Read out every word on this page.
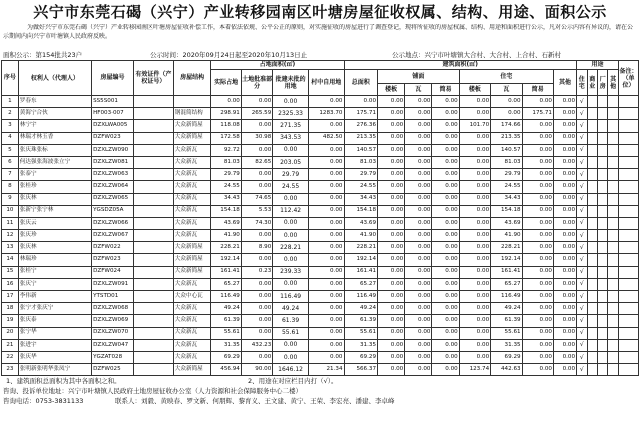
兴宁市东莞石碣（兴宁）产业转移园南区叶塘房屋征收权属、结构、用途、面积公示
为做好兴宁市东莞石碣（兴宁）产业转移园南区叶塘房屋征收补偿工作，本着依法依规、公平公正的原则，对实施征收的房屋进行了调查登记，现将所征收的房屋权属、结构、用途和面积进行公示，凡对公示内容有异议的，请在公示期间内向兴宁市叶塘镇人民政府反映。
面积公示：第154批共23户	公示时间：2020年09月24日起至2020年10月13日止	公示地点：兴宁市叶塘镇大合村、大合村、上合村、石新村
序号	权利人（代理人）	房屋编号	有效证件（产权证号）	房屋结构	占地面积(㎡)				建筑面积(㎡)								用途				备注：（单位）
					实际占地	土地批准部分	批建未批的用地	村中自用地	总面积	铺面			住宅			其他	住宅	商业	厂房	其他	
										楼板	瓦	简易	楼板	瓦	简易						
1	罗春东	SS5S001			0.00	0.00	0.00	0.00	0.00	0.00	0.00	0.00	0.00	0.00	0.00	0.00	√				
2	黄海宁合伙	HF003·007		钢混简结构	298.91	265.59	2325.33	1283.70	175.71	0.00	0.00	0.00	0.00	0.00	175.71	0.00	√				
3	林宁宇	DZXLWA005		大众新简屋	118.08	0.00	271.35	0.00	276.36	0.00	0.00	0.00	101.70	174.66	0.00	0.00	√				
4	林瑞才林玉香	DZFW023		大众新简屋	172.58	30.98	343.53	482.50	213.35	0.00	0.00	0.00	0.00	213.35	0.00	0.00	√				
5	张庆珠张标	DZXLZW090		大众新瓦	92.72	0.00	0.00	0.00	140.57	0.00	0.00	0.00	0.00	140.57	0.00	0.00	√				
6	何达强张海波张立宁	DZXLZW081		大众新瓦	81.03	82.65	203.05	0.00	81.03	0.00	0.00	0.00	0.00	81.03	0.00	0.00	√				
7	张泰宁	DZXLZW063		大众新瓦	29.79	0.00	29.79	0.00	29.79	0.00	0.00	0.00	0.00	29.79	0.00	0.00	√				
8	张桂珍	DZXLZW064		大众新瓦	24.55	0.00	24.55	0.00	24.55	0.00	0.00	0.00	0.00	24.55	0.00	0.00	√				
9	张庆林	DZXLZW065		大众新瓦	34.43	74.65	0.00	0.00	34.43	0.00	0.00	0.00	0.00	34.43	0.00	0.00	√				
10	张新宁张宁林	YGSDZ05A		大众新瓦	154.18	5.53	112.42	0.00	154.18	0.00	0.00	0.00	0.00	154.18	0.00	0.00	√				
11	张庆云	DZXLZW066		大众新瓦	43.69	74.30	0.00	0.00	43.69	0.00	0.00	0.00	0.00	43.69	0.00	0.00	√				
12	张庆珍	DZXLZW067		大众新瓦	41.90	0.00	0.00	0.00	41.90	0.00	0.00	0.00	0.00	41.90	0.00	0.00	√				
13	张庆林	DZFW022		大众新简屋	228.21	8.90	228.21	0.00	228.21	0.00	0.00	0.00	0.00	228.21	0.00	0.00	√				
14	林瑞珍	DZFW023		大众新简屋	192.14	0.00	0.00	0.00	192.14	0.00	0.00	0.00	0.00	192.14	0.00	0.00	√				
15	张桂宁	DZFW024		大众新简屋	161.41	0.23	239.33	0.00	161.41	0.00	0.00	0.00	0.00	161.41	0.00	0.00	√				
16	张庆宁	DZXLZW091		大众新瓦	65.27	0.00	0.00	0.00	65.27	0.00	0.00	0.00	0.00	65.27	0.00	0.00	√				
17	李伟新	YTSTD01		大众中心瓦	116.49	0.00	116.49	0.00	116.49	0.00	0.00	0.00	0.00	116.49	0.00	0.00	√				
18	张宁才张庆宁	DZXLZW068		大众新瓦	49.24	0.00	49.24	0.00	49.24	0.00	0.00	0.00	0.00	49.24	0.00	0.00	√				
19	张庆泰	DZXLZW069		大众新瓦	61.39	0.00	61.39	0.00	61.39	0.00	0.00	0.00	0.00	61.39	0.00	0.00	√				
20	张宁华	DZXLZW070		大众新瓦	55.61	0.00	55.61	0.00	55.61	0.00	0.00	0.00	0.00	55.61	0.00	0.00	√				
21	张进宇	DZXLZW047		大众新瓦	31.35	432.23	0.00	0.00	31.35	0.00	0.00	0.00	0.00	31.35	0.00	0.00	√				
22	张庆华	YGZAT028		大众新瓦	69.29	0.00	0.00	0.00	69.29	0.00	0.00	0.00	0.00	69.29	0.00	0.00	√				
23	张明新张明华张凤宁	DZFW025		大众新简屋	456.94	90.00	1646.12	21.34	566.37	0.00	0.00	0.00	123.74	442.63	0.00	0.00	√				
1、建筑面积总面积为其中各面积之和。	2、用途在对应栏目内打（√）。
咨询、投诉单位地址：兴宁市叶塘镇人民政府土地房屋征收办公室（人力资源和社会保障服务中心二楼）
咨询电话：0753-3831133	联系人：刘毅、黄映春、罗文新、何朋辉、黎育义、王文建、黄宁、王荣、李宏亮、潘建、李卓峰
